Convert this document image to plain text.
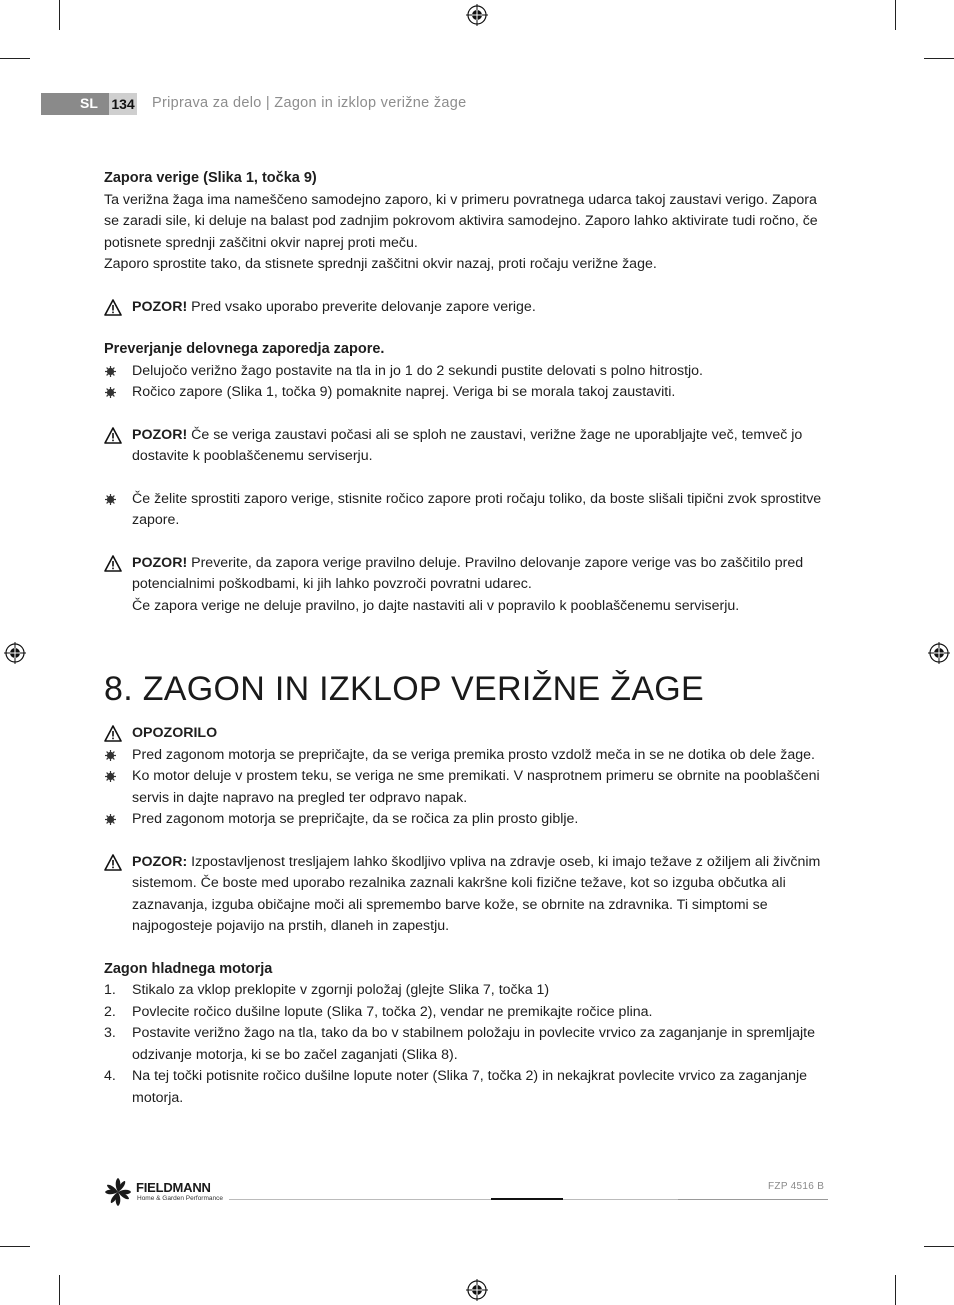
SL 134 Priprava za delo | Zagon in izklop verižne žage

Zapora verige (Slika 1, točka 9)

Ta verižna žaga ima nameščeno samodejno zaporo, ki v primeru povratnega udarca takoj zaustavi verigo. Zapora se zaradi sile, ki deluje na balast pod zadnjim pokrovom aktivira samodejno. Zaporo lahko aktivirate tudi ročno, če potisnete sprednji zaščitni okvir naprej proti meču.

Zaporo sprostite tako, da stisnete sprednji zaščitni okvir nazaj, proti ročaju verižne žage.

POZOR! Pred vsako uporabo preverite delovanje zapore verige.

Preverjanje delovnega zaporedja zapore.

Delujočo verižno žago postavite na tla in jo 1 do 2 sekundi pustite delovati s polno hitrostjo.
Ročico zapore (Slika 1, točka 9) pomaknite naprej. Veriga bi se morala takoj zaustaviti.
POZOR! Če se veriga zaustavi počasi ali se sploh ne zaustavi, verižne žage ne uporabljajte več, temveč jo dostavite k pooblaščenemu serviserju.
Če želite sprostiti zaporo verige, stisnite ročico zapore proti ročaju toliko, da boste slišali tipični zvok sprostitve zapore.
POZOR! Preverite, da zapora verige pravilno deluje. Pravilno delovanje zapore verige vas bo zaščitilo pred potencialnimi poškodbami, ki jih lahko povzroči povratni udarec.
Če zapora verige ne deluje pravilno, jo dajte nastaviti ali v popravilo k pooblaščenemu serviserju.
8. ZAGON IN IZKLOP VERIŽNE ŽAGE
OPOZORILO
Pred zagonom motorja se prepričajte, da se veriga premika prosto vzdolž meča in se ne dotika ob dele žage.
Ko motor deluje v prostem teku, se veriga ne sme premikati. V nasprotnem primeru se obrnite na pooblaščeni servis in dajte napravo na pregled ter odpravo napak.
Pred zagonom motorja se prepričajte, da se ročica za plin prosto giblje.
POZOR: Izpostavljenost tresljajem lahko škodljivo vpliva na zdravje oseb, ki imajo težave z ožiljem ali živčnim sistemom. Če boste med uporabo rezalnika zaznali kakršne koli fizične težave, kot so izguba občutka ali zaznavanja, izguba običajne moči ali spremembo barve kože, se obrnite na zdravnika. Ti simptomi se najpogosteje pojavijo na prstih, dlaneh in zapestju.

Zagon hladnega motorja

1. Stikalo za vklop preklopite v zgornji položaj (glejte Slika 7, točka 1)
2. Povlecite ročico dušilne lopute (Slika 7, točka 2), vendar ne premikajte ročice plina.
3. Postavite verižno žago na tla, tako da bo v stabilnem položaju in povlecite vrvico za zaganjanje in spremljajte odzivanje motorja, ki se bo začel zaganjati (Slika 8).
4. Na tej točki potisnite ročico dušilne lopute noter (Slika 7, točka 2) in nekajkrat povlecite vrvico za zaganjanje motorja.
FIELDMANN
Home & Garden Performance
FZP 4516 B
